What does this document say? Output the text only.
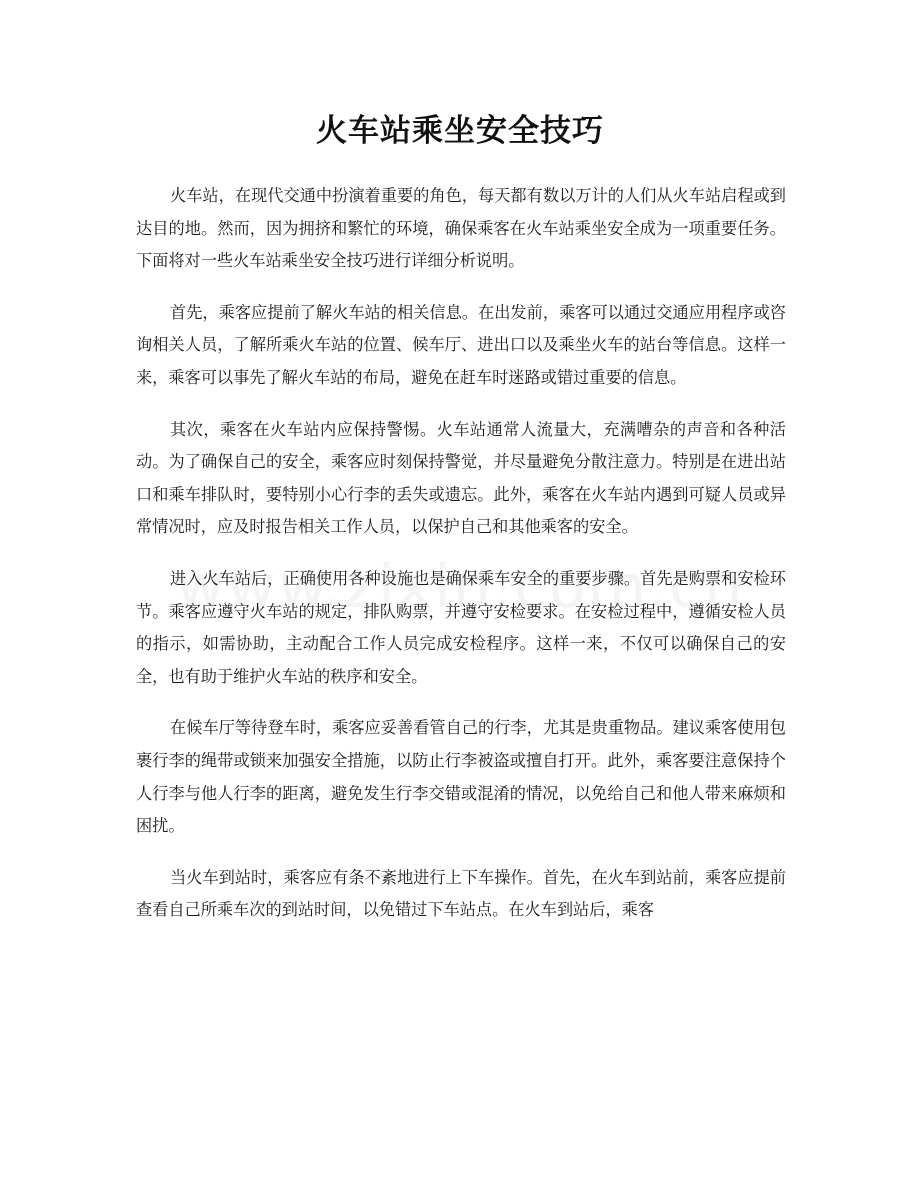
火车站乘坐安全技巧

火车站，在现代交通中扮演着重要的角色，每天都有数以万计的人们从火车站启程或到达目的地。然而，因为拥挤和繁忙的环境，确保乘客在火车站乘坐安全成为一项重要任务。下面将对一些火车站乘坐安全技巧进行详细分析说明。

首先，乘客应提前了解火车站的相关信息。在出发前，乘客可以通过交通应用程序或咨询相关人员，了解所乘火车站的位置、候车厅、进出口以及乘坐火车的站台等信息。这样一来，乘客可以事先了解火车站的布局，避免在赶车时迷路或错过重要的信息。

其次，乘客在火车站内应保持警惕。火车站通常人流量大，充满嘈杂的声音和各种活动。为了确保自己的安全，乘客应时刻保持警觉，并尽量避免分散注意力。特别是在进出站口和乘车排队时，要特别小心行李的丢失或遗忘。此外，乘客在火车站内遇到可疑人员或异常情况时，应及时报告相关工作人员，以保护自己和其他乘客的安全。

进入火车站后，正确使用各种设施也是确保乘车安全的重要步骤。首先是购票和安检环节。乘客应遵守火车站的规定，排队购票，并遵守安检要求。在安检过程中，遵循安检人员的指示，如需协助，主动配合工作人员完成安检程序。这样一来，不仅可以确保自己的安全，也有助于维护火车站的秩序和安全。

在候车厅等待登车时，乘客应妥善看管自己的行李，尤其是贵重物品。建议乘客使用包裹行李的绳带或锁来加强安全措施，以防止行李被盗或擅自打开。此外，乘客要注意保持个人行李与他人行李的距离，避免发生行李交错或混淆的情况，以免给自己和他人带来麻烦和困扰。

当火车到站时，乘客应有条不紊地进行上下车操作。首先，在火车到站前，乘客应提前查看自己所乘车次的到站时间，以免错过下车站点。在火车到站后，乘客
